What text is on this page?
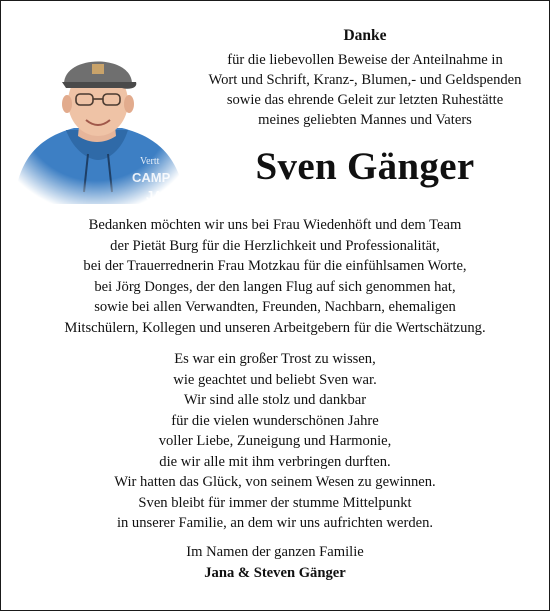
Danke
für die liebevollen Beweise der Anteilnahme in
Wort und Schrift, Kranz-, Blumen,- und Geldspenden
sowie das ehrende Geleit zur letzten Ruhestätte
meines geliebten Mannes und Vaters
Sven Gänger
Bedanken möchten wir uns bei Frau Wiedenhöft und dem Team
der Pietät Burg für die Herzlichkeit und Professionalität,
bei der Trauerrednerin Frau Motzkau für die einfühlsamen Worte,
bei Jörg Donges, der den langen Flug auf sich genommen hat,
sowie bei allen Verwandten, Freunden, Nachbarn, ehemaligen
Mitschülern, Kollegen und unseren Arbeitgebern für die Wertschätzung.
Es war ein großer Trost zu wissen,
wie geachtet und beliebt Sven war.
Wir sind alle stolz und dankbar
für die vielen wunderschönen Jahre
voller Liebe, Zuneigung und Harmonie,
die wir alle mit ihm verbringen durften.
Wir hatten das Glück, von seinem Wesen zu gewinnen.
Sven bleibt für immer der stumme Mittelpunkt
in unserer Familie, an dem wir uns aufrichten werden.
Im Namen der ganzen Familie
Jana & Steven Gänger
